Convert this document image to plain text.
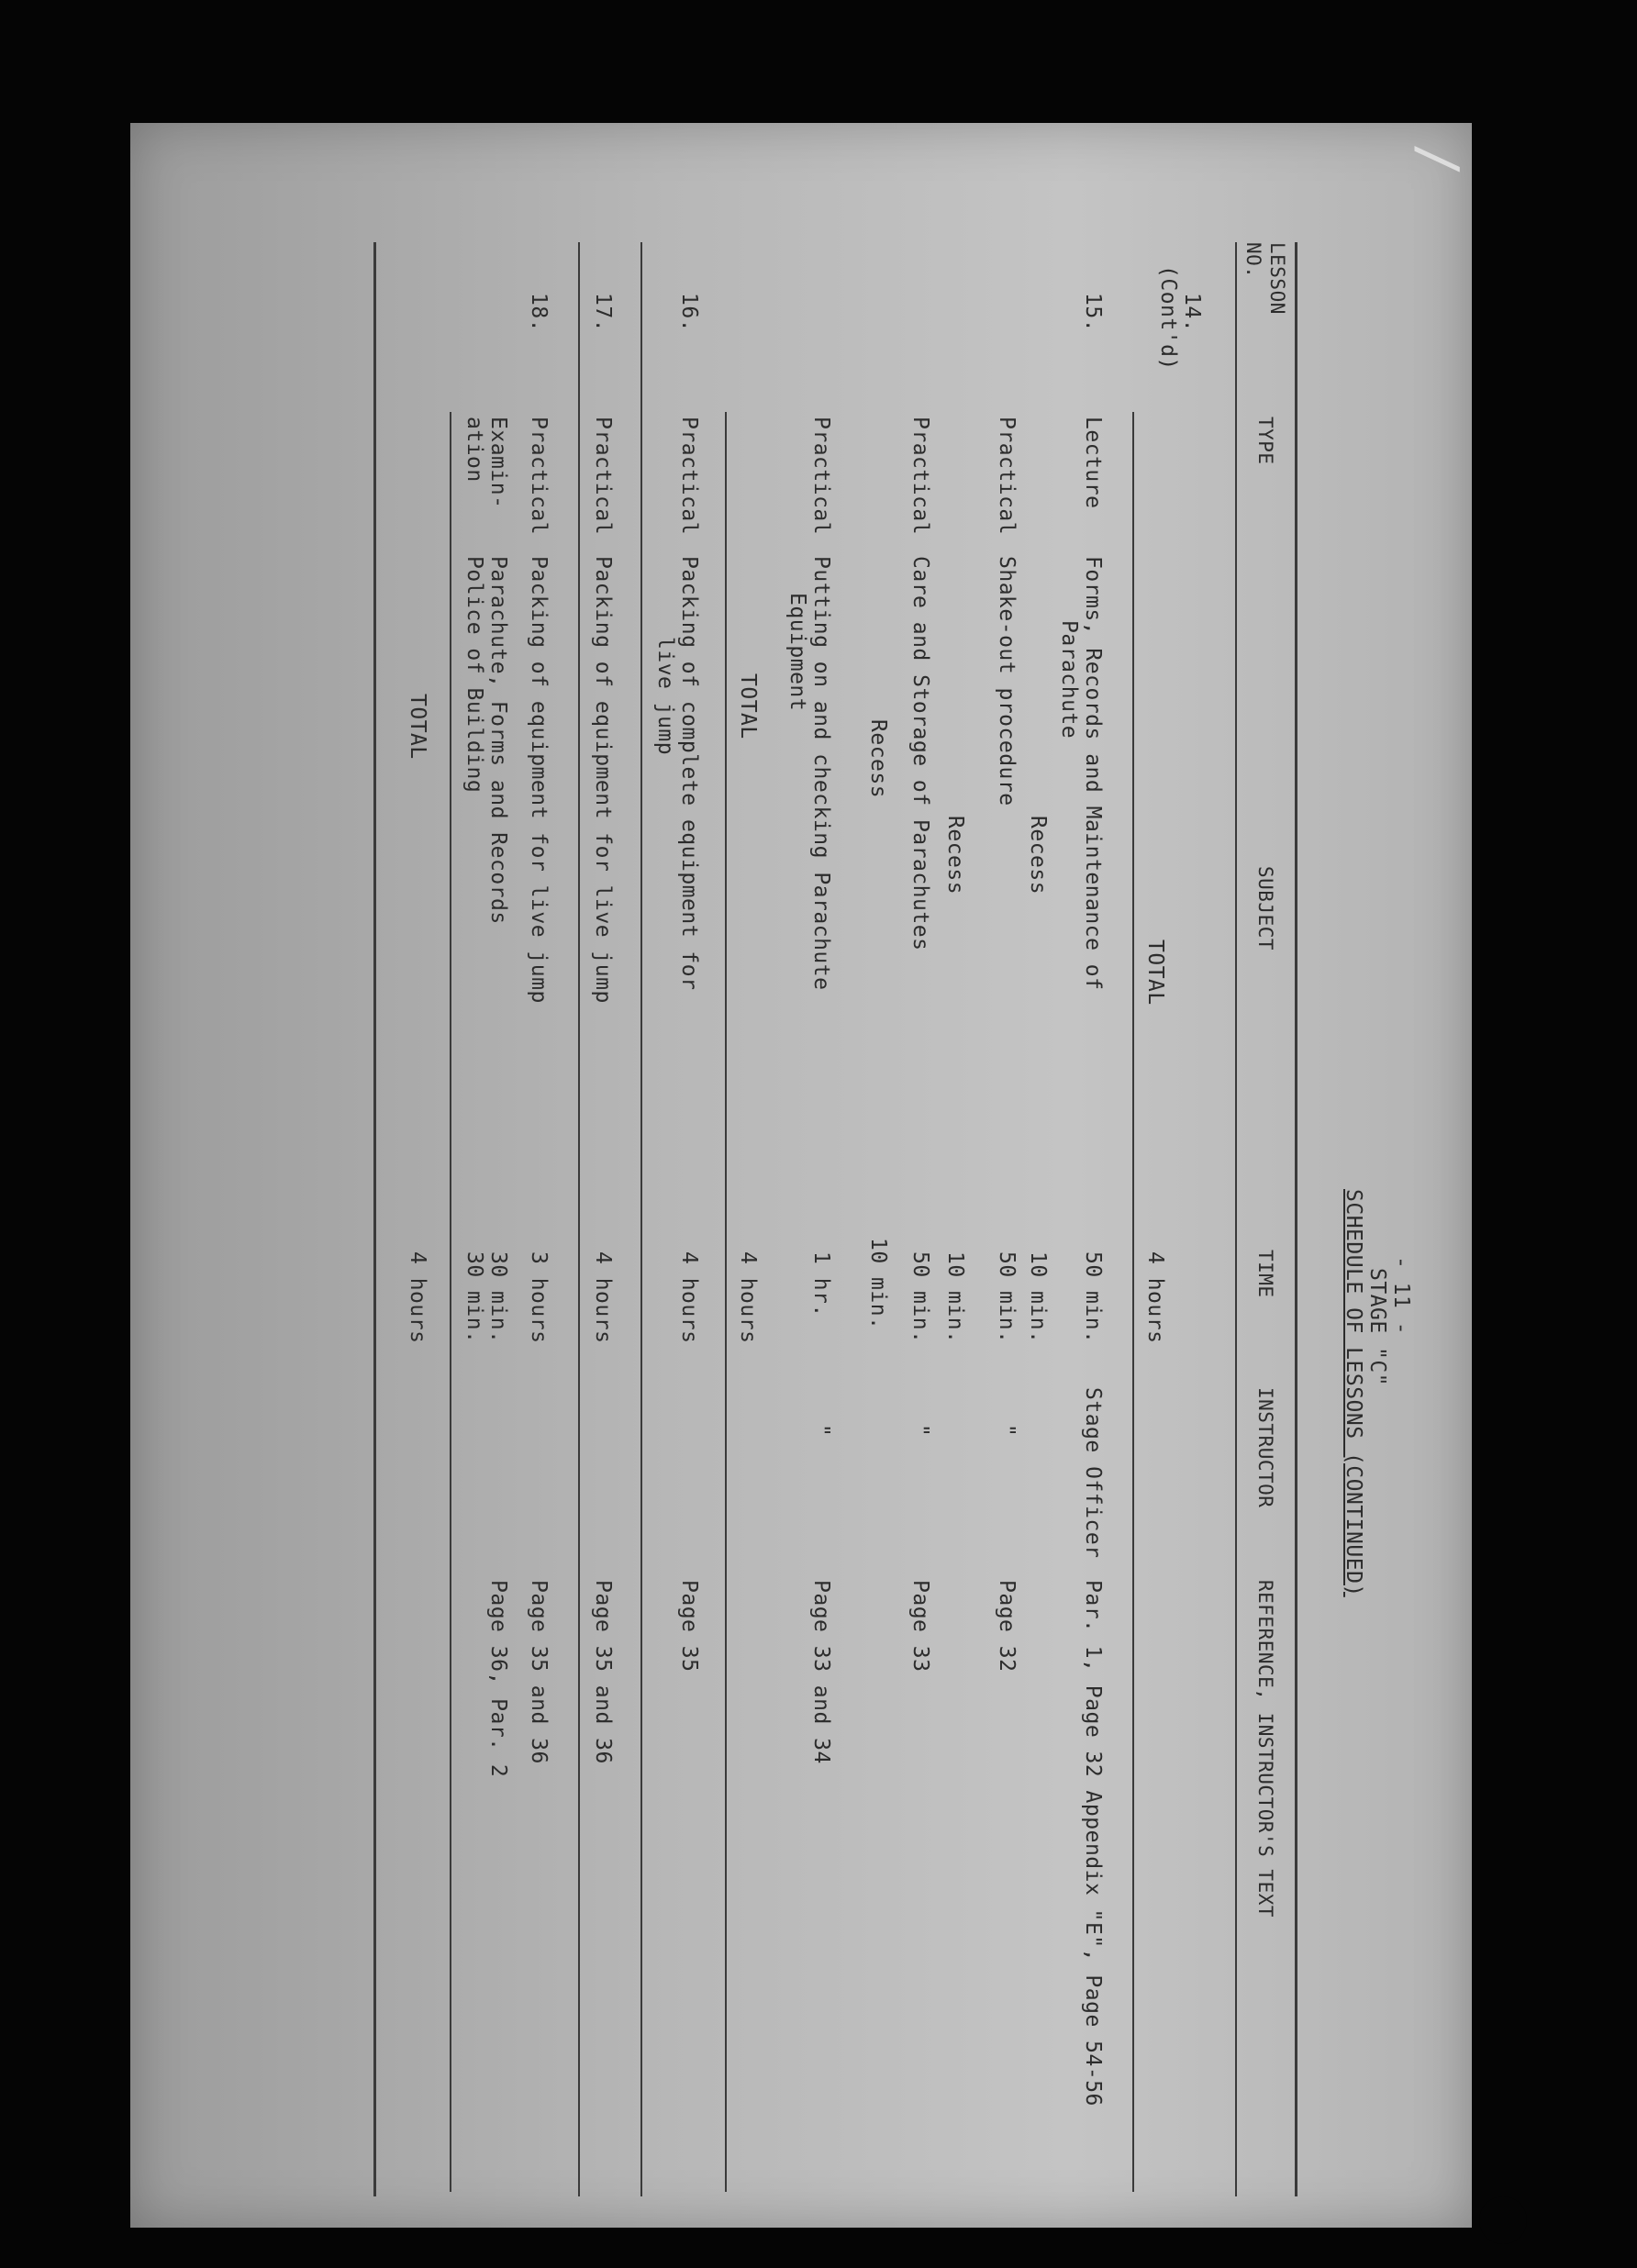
/
- 11 -
STAGE "C"
SCHEDULE OF LESSONS (CONTINUED)
LESSON
NO.
TYPE
SUBJECT
TIME
INSTRUCTOR
REFERENCE, INSTRUCTOR'S TEXT
14.
(Cont'd)
TOTAL
4 hours
15.
Lecture
Forms, Records and Maintenance of
Parachute
50 min.
Stage Officer
Par. 1, Page 32 Appendix "E", Page 54-56
Recess
10 min.
Practical
Shake-out procedure
50 min.
"
Page 32
Recess
10 min.
Practical
Care and Storage of Parachutes
50 min.
"
Page 33
Recess
10 min.
Practical
Putting on and checking Parachute
Equipment
1 hr.
"
Page 33 and 34
TOTAL
4 hours
16.
Practical
Packing of complete equipment for
live jump
4 hours
Page 35
17.
Practical
Packing of equipment for live jump
4 hours
Page 35 and 36
18.
Practical
Packing of equipment for live jump
3 hours
Page 35 and 36
Examin-
ation
Parachute, Forms and Records
Police of Building
30 min.
30 min.
Page 36, Par. 2
TOTAL
4 hours
